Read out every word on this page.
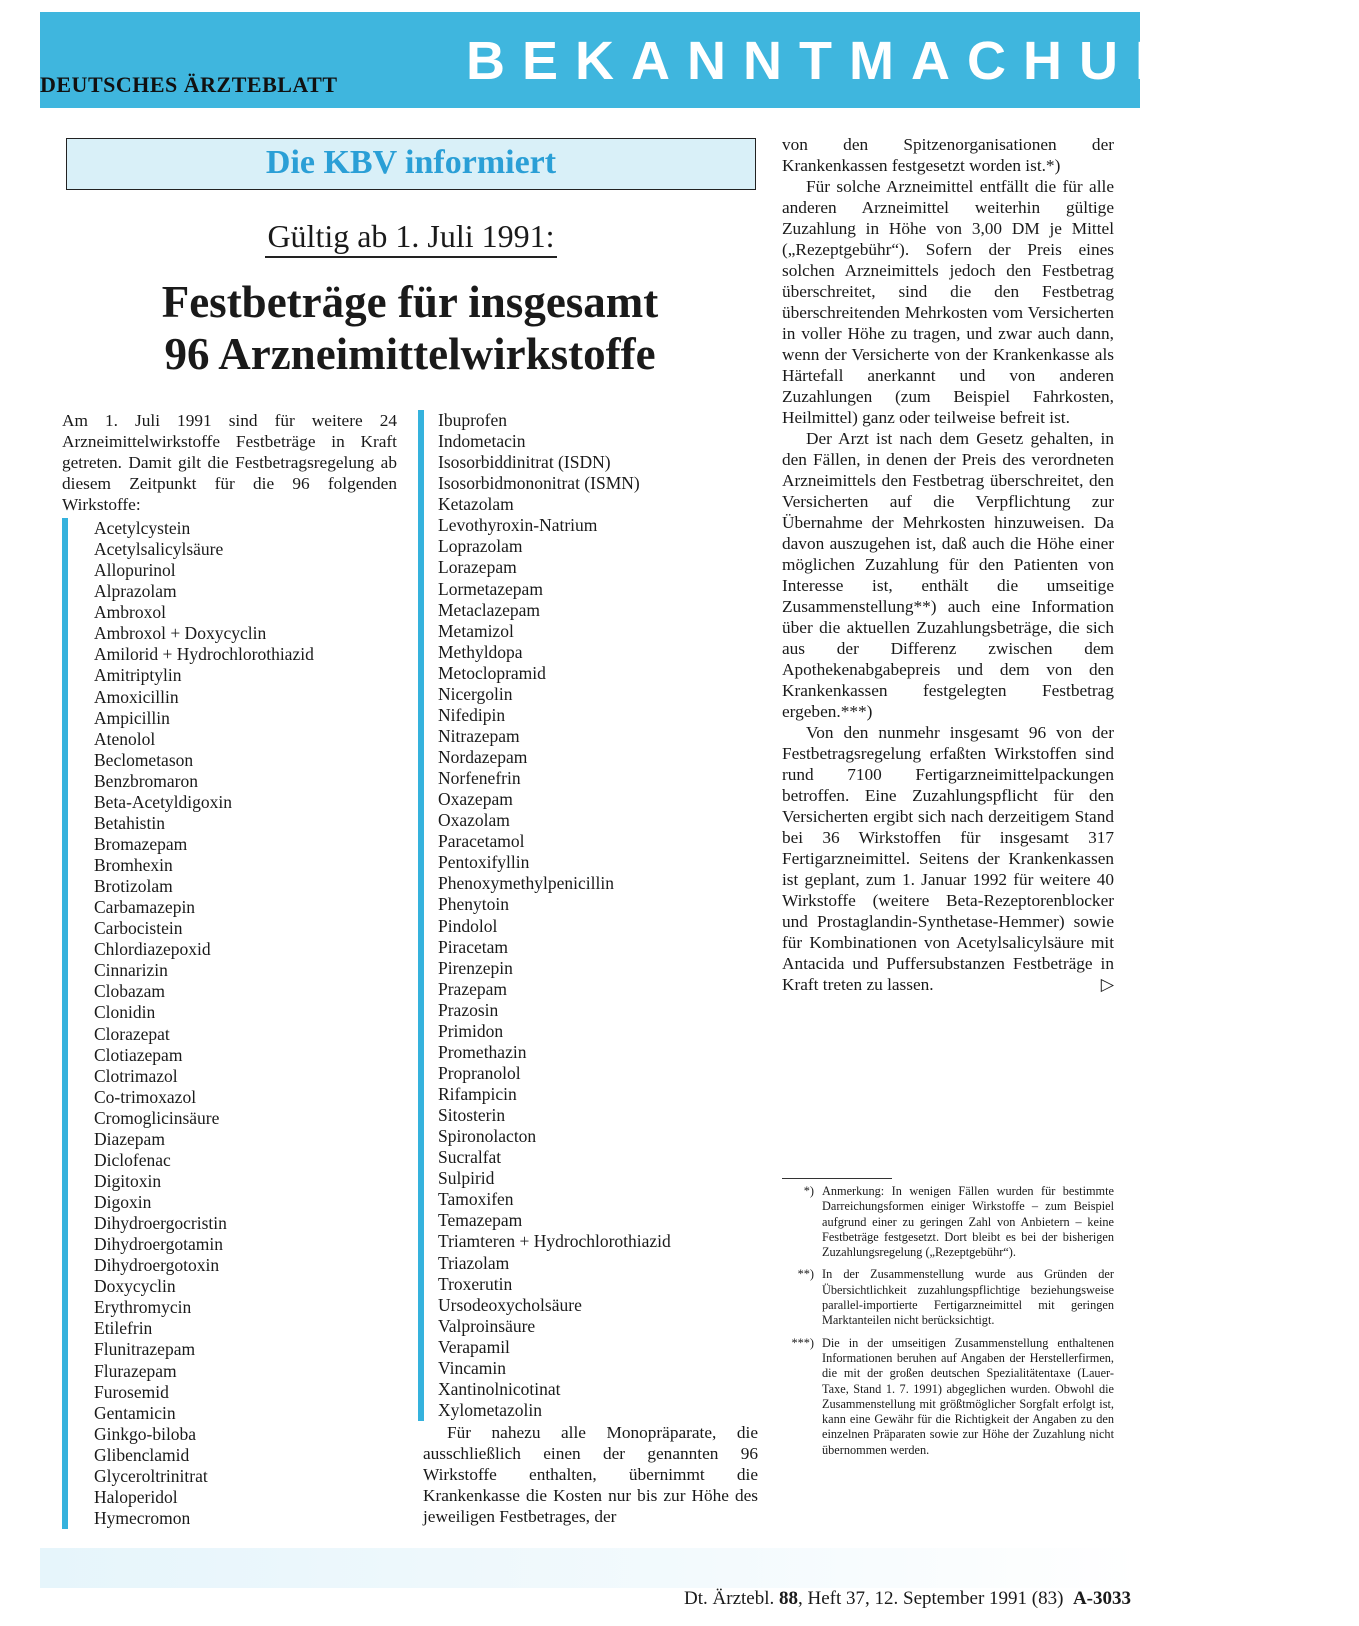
DEUTSCHES ÄRZTEBLATT BEKANNTMACHUNGEN
Die KBV informiert
Gültig ab 1. Juli 1991:
Festbeträge für insgesamt
96 Arzneimittelwirkstoffe
Am 1. Juli 1991 sind für weitere 24 Arzneimittelwirkstoffe Festbeträge in Kraft getreten. Damit gilt die Festbetragsregelung ab diesem Zeitpunkt für die 96 folgenden Wirkstoffe:
Acetylcystein
Acetylsalicylsäure
Allopurinol
Alprazolam
Ambroxol
Ambroxol + Doxycyclin
Amilorid + Hydrochlorothiazid
Amitriptylin
Amoxicillin
Ampicillin
Atenolol
Beclometason
Benzbromaron
Beta-Acetyldigoxin
Betahistin
Bromazepam
Bromhexin
Brotizolam
Carbamazepin
Carbocistein
Chlordiazepoxid
Cinnarizin
Clobazam
Clonidin
Clorazepat
Clotiazepam
Clotrimazol
Co-trimoxazol
Cromoglicinsäure
Diazepam
Diclofenac
Digitoxin
Digoxin
Dihydroergocristin
Dihydroergotamin
Dihydroergotoxin
Doxycyclin
Erythromycin
Etilefrin
Flunitrazepam
Flurazepam
Furosemid
Gentamicin
Ginkgo-biloba
Glibenclamid
Glyceroltrinitrat
Haloperidol
Hymecromon
Ibuprofen
Indometacin
Isosorbiddinitrat (ISDN)
Isosorbidmononitrat (ISMN)
Ketazolam
Levothyroxin-Natrium
Loprazolam
Lorazepam
Lormetazepam
Metaclazepam
Metamizol
Methyldopa
Metoclopramid
Nicergolin
Nifedipin
Nitrazepam
Nordazepam
Norfenefrin
Oxazepam
Oxazolam
Paracetamol
Pentoxifyllin
Phenoxymethylpenicillin
Phenytoin
Pindolol
Piracetam
Pirenzepin
Prazepam
Prazosin
Primidon
Promethazin
Propranolol
Rifampicin
Sitosterin
Spironolacton
Sucralfat
Sulpirid
Tamoxifen
Temazepam
Triamteren + Hydrochlorothiazid
Triazolam
Troxerutin
Ursodeoxycholsäure
Valproinsäure
Verapamil
Vincamin
Xantinolnicotinat
Xylometazolin
Für nahezu alle Monopräparate, die ausschließlich einen der genannten 96 Wirkstoffe enthalten, übernimmt die Krankenkasse die Kosten nur bis zur Höhe des jeweiligen Festbetrages, der

von den Spitzenorganisationen der Krankenkassen festgesetzt worden ist.*)

Für solche Arzneimittel entfällt die für alle anderen Arzneimittel weiterhin gültige Zuzahlung in Höhe von 3,00 DM je Mittel („Rezeptgebühr“). Sofern der Preis eines solchen Arzneimittels jedoch den Festbetrag überschreitet, sind die den Festbetrag überschreitenden Mehrkosten vom Versicherten in voller Höhe zu tragen, und zwar auch dann, wenn der Versicherte von der Krankenkasse als Härtefall anerkannt und von anderen Zuzahlungen (zum Beispiel Fahrkosten, Heilmittel) ganz oder teilweise befreit ist.

Der Arzt ist nach dem Gesetz gehalten, in den Fällen, in denen der Preis des verordneten Arzneimittels den Festbetrag überschreitet, den Versicherten auf die Verpflichtung zur Übernahme der Mehrkosten hinzuweisen. Da davon auszugehen ist, daß auch die Höhe einer möglichen Zuzahlung für den Patienten von Interesse ist, enthält die umseitige Zusammenstellung**) auch eine Information über die aktuellen Zuzahlungsbeträge, die sich aus der Differenz zwischen dem Apothekenabgabepreis und dem von den Krankenkassen festgelegten Festbetrag ergeben.***)

Von den nunmehr insgesamt 96 von der Festbetragsregelung erfaßten Wirkstoffen sind rund 7100 Fertigarzneimittelpackungen betroffen. Eine Zuzahlungspflicht für den Versicherten ergibt sich nach derzeitigem Stand bei 36 Wirkstoffen für insgesamt 317 Fertigarzneimittel. Seitens der Krankenkassen ist geplant, zum 1. Januar 1992 für weitere 40 Wirkstoffe (weitere Beta-Rezeptorenblocker und Prostaglandin-Synthetase-Hemmer) sowie für Kombinationen von Acetylsalicylsäure mit Antacida und Puffersubstanzen Festbeträge in Kraft treten zu lassen.	▷

*) Anmerkung: In wenigen Fällen wurden für bestimmte Darreichungsformen einiger Wirkstoffe – zum Beispiel aufgrund einer zu geringen Zahl von Anbietern – keine Festbeträge festgesetzt. Dort bleibt es bei der bisherigen Zuzahlungsregelung („Rezeptgebühr“).
**) In der Zusammenstellung wurde aus Gründen der Übersichtlichkeit zuzahlungspflichtige beziehungsweise parallel-importierte Fertigarzneimittel mit geringen Marktanteilen nicht berücksichtigt.
***) Die in der umseitigen Zusammenstellung enthaltenen Informationen beruhen auf Angaben der Herstellerfirmen, die mit der großen deutschen Spezialitätentaxe (Lauer-Taxe, Stand 1. 7. 1991) abgeglichen wurden. Obwohl die Zusammenstellung mit größtmöglicher Sorgfalt erfolgt ist, kann eine Gewähr für die Richtigkeit der Angaben zu den einzelnen Präparaten sowie zur Höhe der Zuzahlung nicht übernommen werden.
Dt. Ärztebl. 88, Heft 37, 12. September 1991 (83) A-3033
